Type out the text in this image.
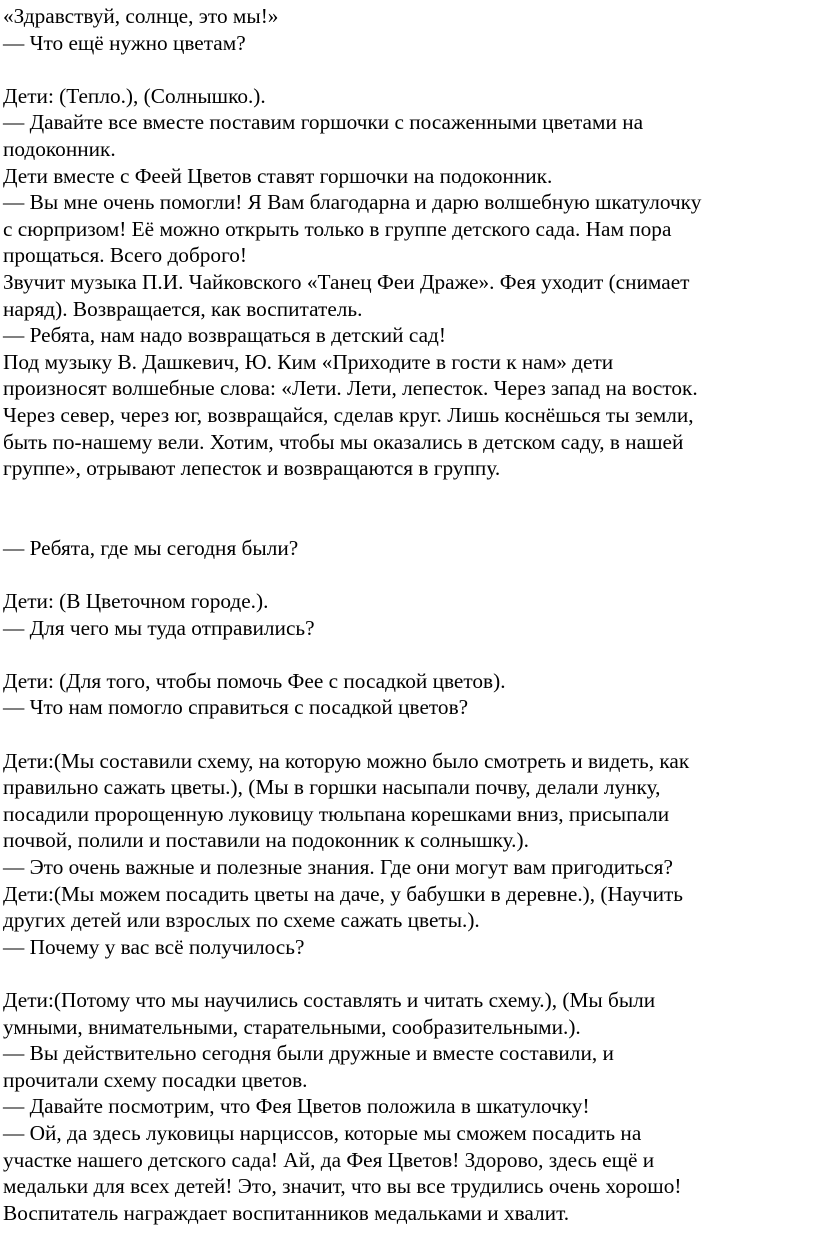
«Здравствуй, солнце, это мы!»
— Что ещё нужно цветам?
Дети: (Тепло.), (Солнышко.).
— Давайте все вместе поставим горшочки с посаженными цветами на
подоконник.
Дети вместе с Феей Цветов ставят горшочки на подоконник.
— Вы мне очень помогли! Я Вам благодарна и дарю волшебную шкатулочку
с сюрпризом! Её можно открыть только в группе детского сада. Нам пора
прощаться. Всего доброго!
Звучит музыка П.И. Чайковского «Танец Феи Драже». Фея уходит (снимает
наряд). Возвращается, как воспитатель.
— Ребята, нам надо возвращаться в детский сад!
Под музыку В. Дашкевич, Ю. Ким «Приходите в гости к нам» дети
произносят волшебные слова: «Лети. Лети, лепесток. Через запад на восток.
Через север, через юг, возвращайся, сделав круг. Лишь коснёшься ты земли,
быть по-нашему вели. Хотим, чтобы мы оказались в детском саду, в нашей
группе», отрывают лепесток и возвращаются в группу.
— Ребята, где мы сегодня были?
Дети: (В Цветочном городе.).
— Для чего мы туда отправились?
Дети: (Для того, чтобы помочь Фее с посадкой цветов).
— Что нам помогло справиться с посадкой цветов?
Дети:(Мы составили схему, на которую можно было смотреть и видеть, как
правильно сажать цветы.), (Мы в горшки насыпали почву, делали лунку,
посадили пророщенную луковицу тюльпана корешками вниз, присыпали
почвой, полили и поставили на подоконник к солнышку.).
— Это очень важные и полезные знания. Где они могут вам пригодиться?
Дети:(Мы можем посадить цветы на даче, у бабушки в деревне.), (Научить
других детей или взрослых по схеме сажать цветы.).
— Почему у вас всё получилось?
Дети:(Потому что мы научились составлять и читать схему.), (Мы были
умными, внимательными, старательными, сообразительными.).
— Вы действительно сегодня были дружные и вместе составили, и
прочитали схему посадки цветов.
— Давайте посмотрим, что Фея Цветов положила в шкатулочку!
— Ой, да здесь луковицы нарциссов, которые мы сможем посадить на
участке нашего детского сада! Ай, да Фея Цветов! Здорово, здесь ещё и
медальки для всех детей! Это, значит, что вы все трудились очень хорошо!
Воспитатель награждает воспитанников медальками и хвалит.
